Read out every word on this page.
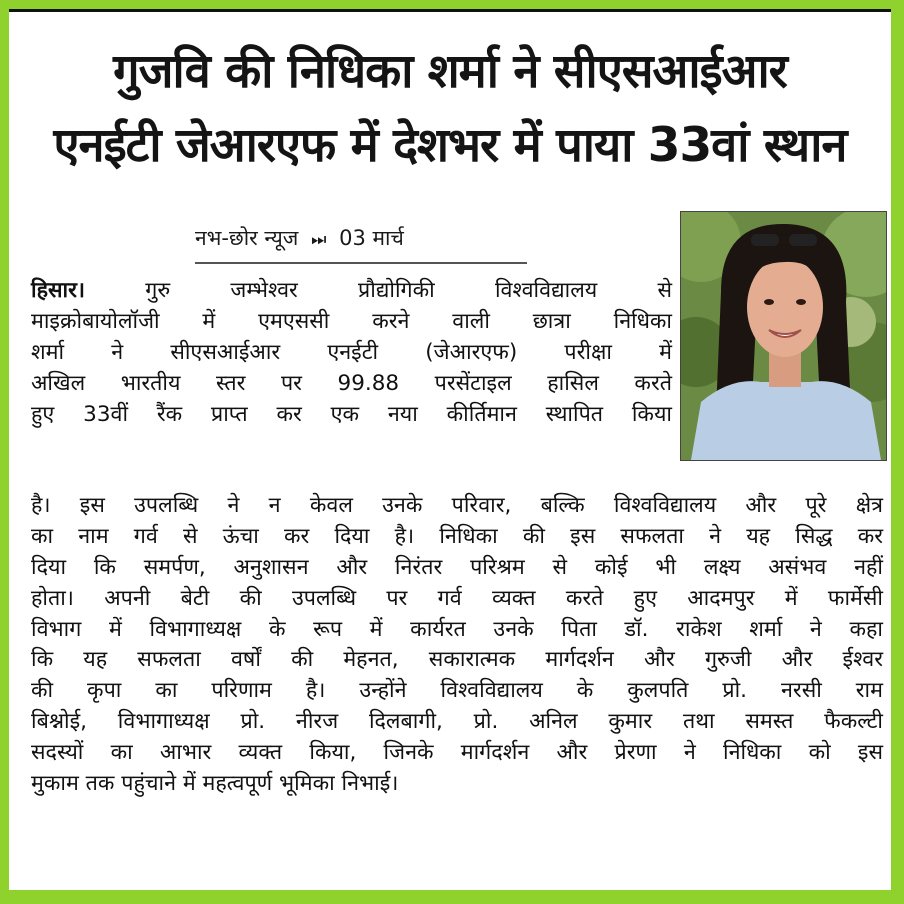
गुजवि की निधिका शर्मा ने सीएसआईआर
एनईटी जेआरएफ में देशभर में पाया 33वां स्थान
नभ-छोर न्यूज ⏭ 03 मार्च
हिसार।	गुरु जम्भेश्वर प्रौद्योगिकी विश्वविद्यालय से
माइक्रोबायोलॉजी में एमएससी करने वाली छात्रा निधिका
शर्मा ने सीएसआईआर एनईटी (जेआरएफ) परीक्षा में
अखिल भारतीय स्तर पर 99.88 परसेंटाइल हासिल करते
हुए 33वीं रैंक प्राप्त कर एक नया कीर्तिमान स्थापित किया
है। इस उपलब्धि ने न केवल उनके परिवार, बल्कि विश्वविद्यालय और पूरे क्षेत्र
का नाम गर्व से ऊंचा कर दिया है। निधिका की इस सफलता ने यह सिद्ध कर
दिया कि समर्पण, अनुशासन और निरंतर परिश्रम से कोई भी लक्ष्य असंभव नहीं
होता। अपनी बेटी की उपलब्धि पर गर्व व्यक्त करते हुए आदमपुर में फार्मेसी
विभाग में विभागाध्यक्ष के रूप में कार्यरत उनके पिता डॉ. राकेश शर्मा ने कहा
कि यह सफलता वर्षों की मेहनत, सकारात्मक मार्गदर्शन और गुरुजी और ईश्वर
की कृपा का परिणाम है। उन्होंने विश्वविद्यालय के कुलपति प्रो. नरसी राम
बिश्नोई, विभागाध्यक्ष प्रो. नीरज दिलबागी, प्रो. अनिल कुमार तथा समस्त फैकल्टी
सदस्यों का आभार व्यक्त किया, जिनके मार्गदर्शन और प्रेरणा ने निधिका को इस
मुकाम तक पहुंचाने में महत्वपूर्ण भूमिका निभाई।
